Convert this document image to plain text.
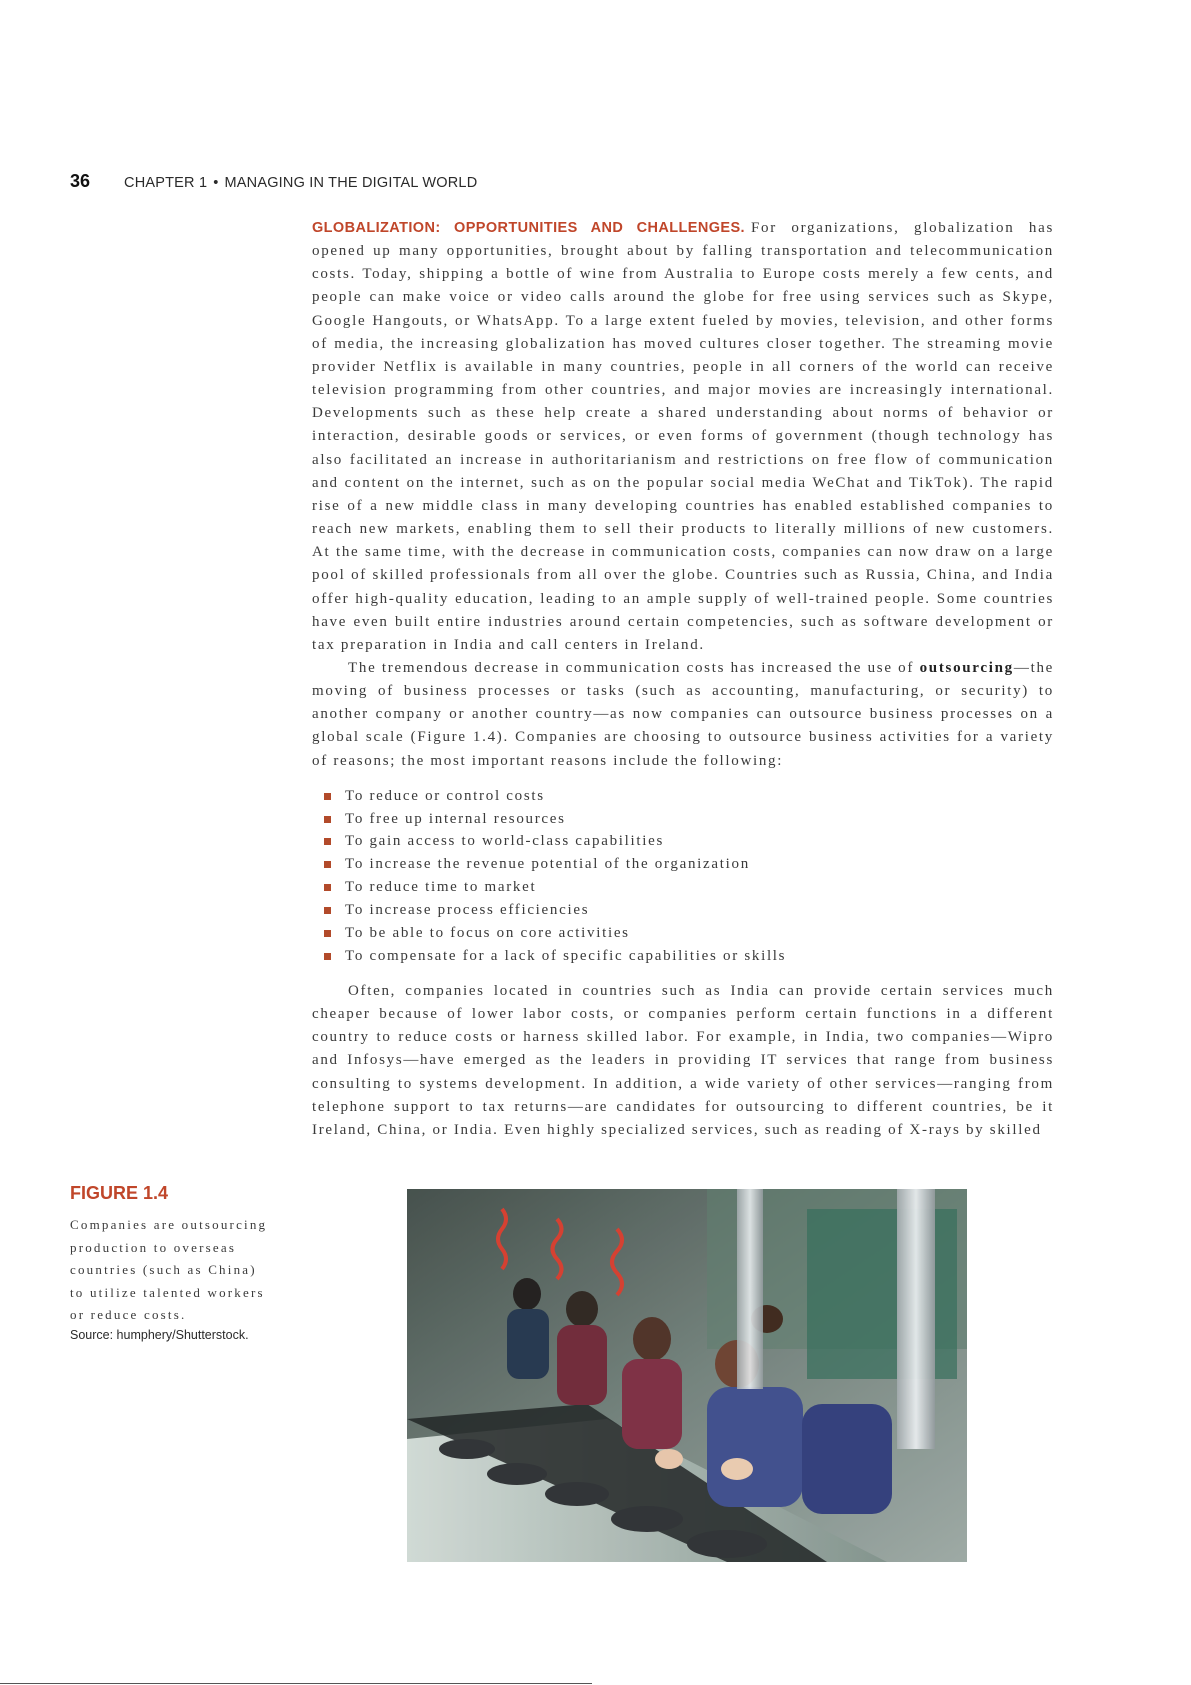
36 CHAPTER 1 • MANAGING IN THE DIGITAL WORLD

GLOBALIZATION: OPPORTUNITIES AND CHALLENGES. For organizations, globalization has opened up many opportunities, brought about by falling transportation and telecommunication costs. Today, shipping a bottle of wine from Australia to Europe costs merely a few cents, and people can make voice or video calls around the globe for free using services such as Skype, Google Hangouts, or WhatsApp. To a large extent fueled by movies, television, and other forms of media, the increasing globalization has moved cultures closer together. The streaming movie provider Netflix is available in many countries, people in all corners of the world can receive television programming from other countries, and major movies are increasingly international. Developments such as these help create a shared understanding about norms of behavior or interaction, desirable goods or services, or even forms of government (though technology has also facilitated an increase in authoritarianism and restrictions on free flow of communication and content on the internet, such as on the popular social media WeChat and TikTok). The rapid rise of a new middle class in many developing countries has enabled established companies to reach new markets, enabling them to sell their products to literally millions of new customers. At the same time, with the decrease in communication costs, companies can now draw on a large pool of skilled professionals from all over the globe. Countries such as Russia, China, and India offer high-quality education, leading to an ample supply of well-trained people. Some countries have even built entire industries around certain competencies, such as software development or tax preparation in India and call centers in Ireland.

The tremendous decrease in communication costs has increased the use of outsourcing—the moving of business processes or tasks (such as accounting, manufacturing, or security) to another company or another country—as now companies can outsource business processes on a global scale (Figure 1.4). Companies are choosing to outsource business activities for a variety of reasons; the most important reasons include the following:

To reduce or control costs
To free up internal resources
To gain access to world-class capabilities
To increase the revenue potential of the organization
To reduce time to market
To increase process efficiencies
To be able to focus on core activities
To compensate for a lack of specific capabilities or skills

Often, companies located in countries such as India can provide certain services much cheaper because of lower labor costs, or companies perform certain functions in a different country to reduce costs or harness skilled labor. For example, in India, two companies—Wipro and Infosys—have emerged as the leaders in providing IT services that range from business consulting to systems development. In addition, a wide variety of other services—ranging from telephone support to tax returns—are candidates for outsourcing to different countries, be it Ireland, China, or India. Even highly specialized services, such as reading of X-rays by skilled

FIGURE 1.4
Companies are outsourcing production to overseas countries (such as China) to utilize talented workers or reduce costs.
Source: humphery/Shutterstock.
